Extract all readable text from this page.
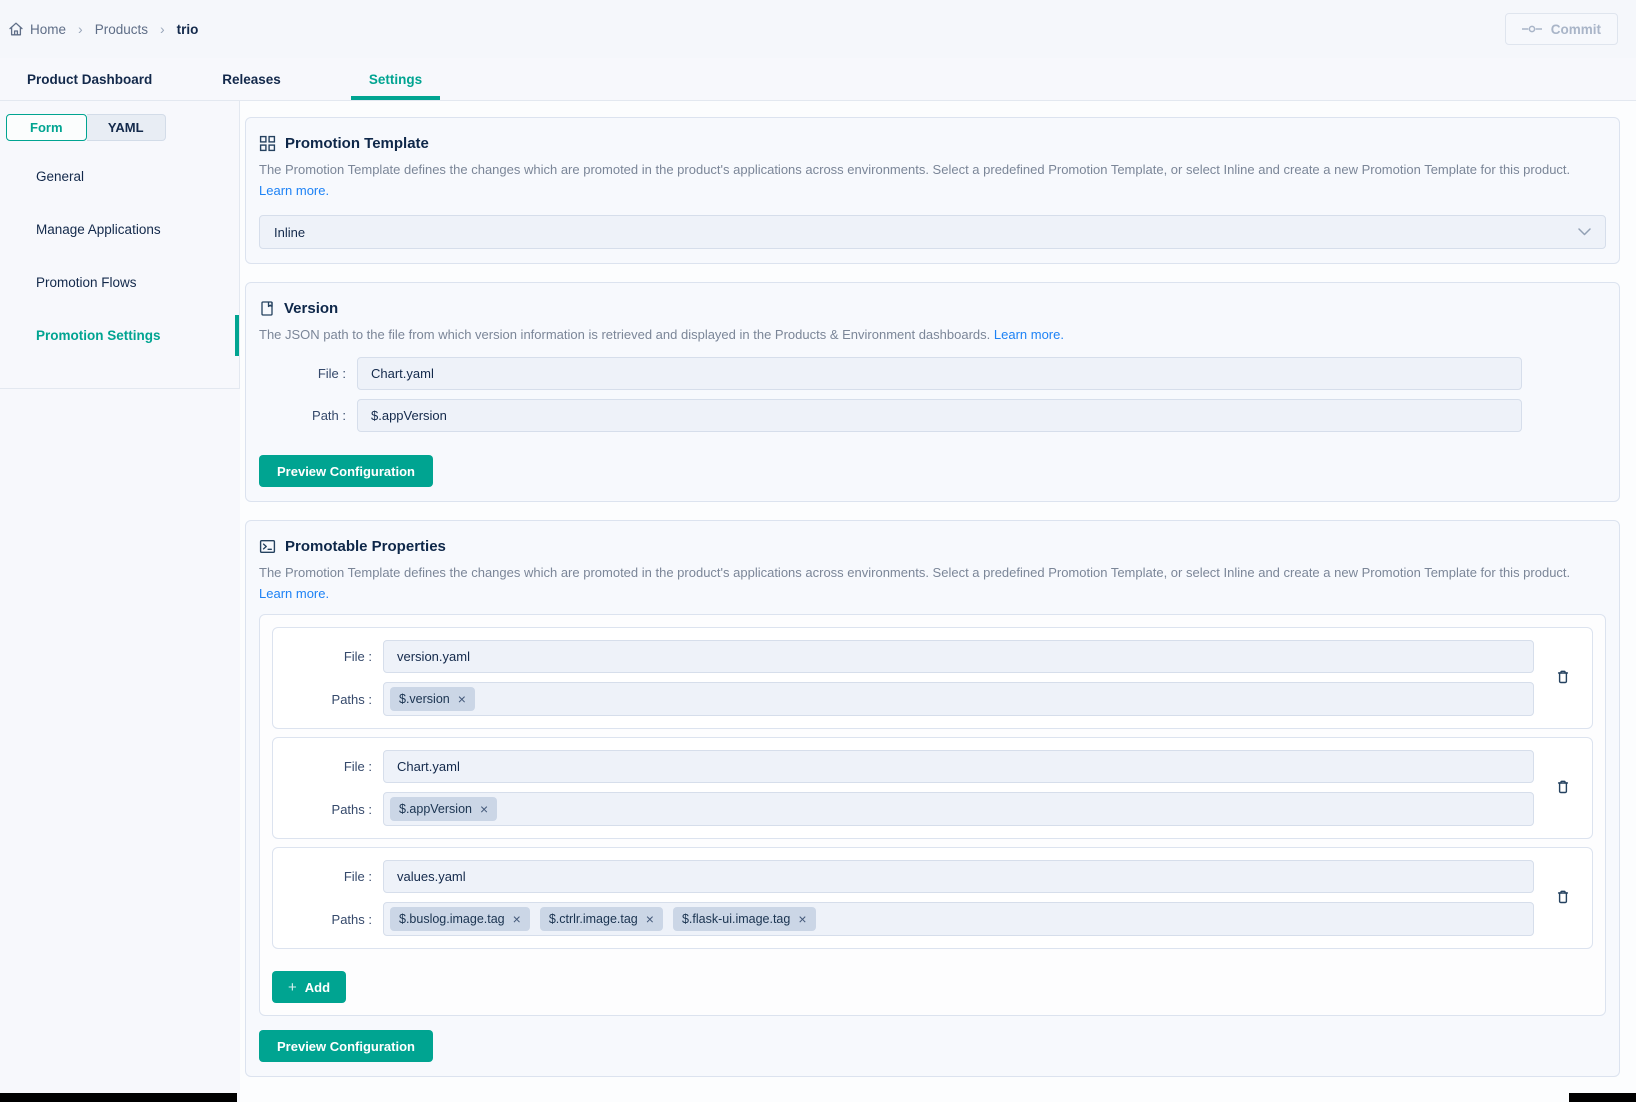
Home › Products › trio	Commit
Product Dashboard	Releases	Settings
Form	YAML
General
Manage Applications
Promotion Flows
Promotion Settings
Promotion Template

The Promotion Template defines the changes which are promoted in the product's applications across environments. Select a predefined Promotion Template, or select Inline and create a new Promotion Template for this product. Learn more.

Inline
Version

The JSON path to the file from which version information is retrieved and displayed in the Products & Environment dashboards. Learn more.

File :
Chart.yaml
Path :
$.appVersion
Preview Configuration
Promotable Properties

The Promotion Template defines the changes which are promoted in the product's applications across environments. Select a predefined Promotion Template, or select Inline and create a new Promotion Template for this product. Learn more.

File :
version.yaml
Paths :	$.version ×
File :
Chart.yaml
Paths :	$.appVersion ×
File :
values.yaml
Paths :	$.buslog.image.tag × $.ctrlr.image.tag × $.flask-ui.image.tag ×
+ Add
Preview Configuration
